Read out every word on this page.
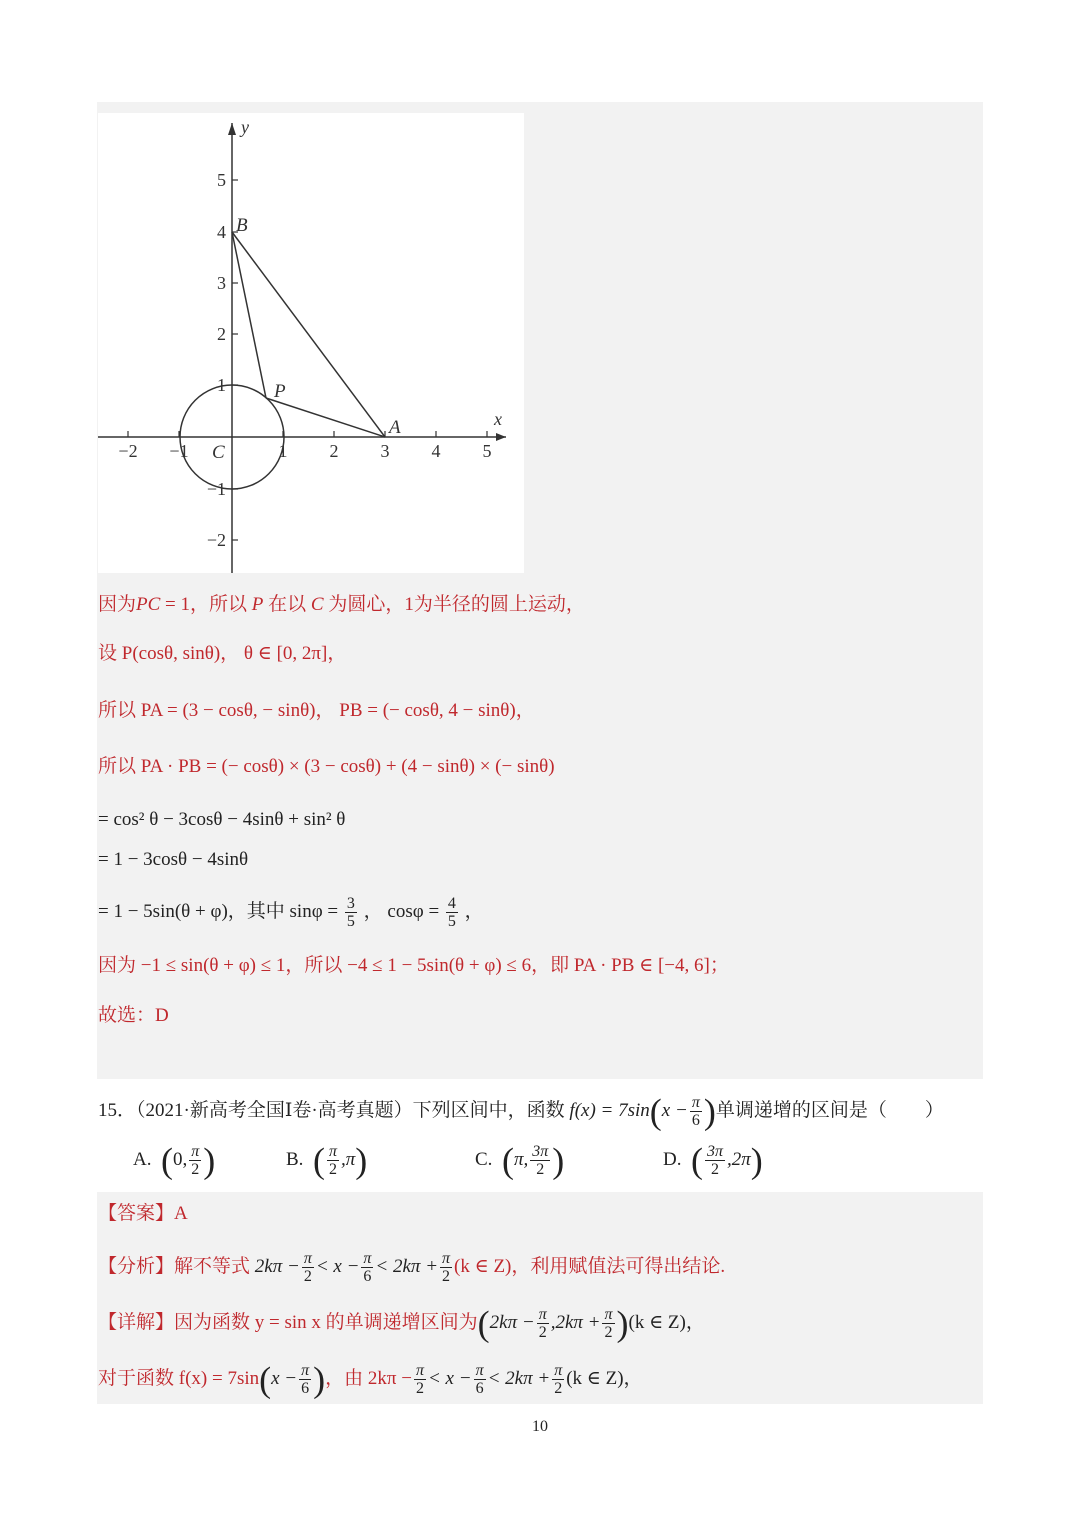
−2 −1	1 2 3 4 5
5
4
3
2
1
−1
−2
x
y
B
P
A
C
因为PC = 1，所以 P 在以 C 为圆心，1为半径的圆上运动，
设 P(cosθ, sinθ)， θ ∈ [0, 2π]，
所以 PA = (3 − cosθ, − sinθ)， PB = (− cosθ, 4 − sinθ)，
所以 PA · PB = (− cosθ) × (3 − cosθ) + (4 − sinθ) × (− sinθ)
= cos² θ − 3cosθ − 4sinθ + sin² θ
= 1 − 3cosθ − 4sinθ
= 1 − 5sin(θ + φ)，其中 $\sin\varphi = \frac{3}{5}$ ， $\cos\varphi = \frac{4}{5}$ ，
因为 −1 ≤ sin(θ + φ) ≤ 1，所以 −4 ≤ 1 − 5sin(θ + φ) ≤ 6，即 PA · PB ∈ [−4, 6]；
故选：D
15．（2021·新高考全国Ⅰ卷·高考真题）下列区间中，函数 $f(x) = 7\sin(x - \frac{\pi}{6}$ )单调递增的区间是（　　）
A. (0, $\frac{\pi}{2}$ )	B. ( $\frac{\pi}{2} ,\pi$)	C. (π, $\frac{3\pi}{2}$ )	D. ( $\frac{3\pi}{2} ,2\pi$)
【答案】A
【分析】解不等式 $2k\pi - \frac{\pi}{2} < x - \frac{\pi}{6} < 2k\pi + \frac{\pi}{2} (k$ ∈ Z)，利用赋值法可得出结论.
【详解】因为函数 y = sin x 的单调递增区间为$(2k\pi - \frac{\pi}{2} ,2k\pi + \frac{\pi}{2} )(k$ ∈ Z)，
对于函数 $f(x) = 7\sin(x - \frac{\pi}{6}$ )，由 $2k\pi - \frac{\pi}{2} < x - \frac{\pi}{6} < 2k\pi + \frac{\pi}{2} (k$ ∈ Z)，
10
